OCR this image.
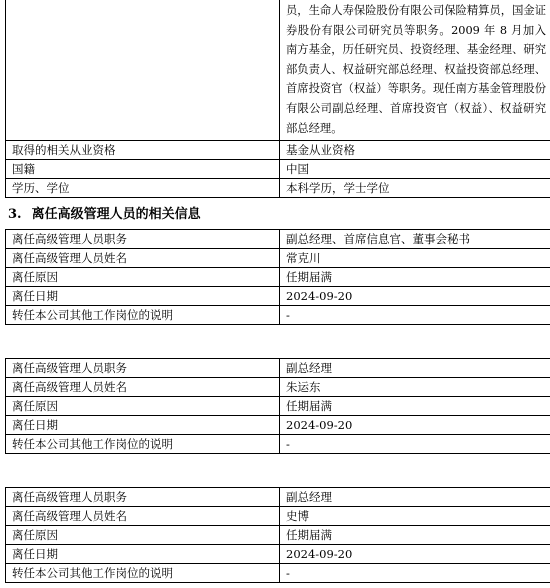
	员，生命人寿保险股份有限公司保险精算员，国金证券股份有限公司研究员等职务。2009 年 8 月加入南方基金，历任研究员、投资经理、基金经理、研究部负责人、权益研究部总经理、权益投资部总经理、首席投资官（权益）等职务。现任南方基金管理股份有限公司副总经理、首席投资官（权益）、权益研究部总经理。
取得的相关从业资格	基金从业资格
国籍	中国
学历、学位	本科学历，学士学位
3. 离任高级管理人员的相关信息
离任高级管理人员职务	副总经理、首席信息官、董事会秘书
离任高级管理人员姓名	常克川
离任原因	任期届满
离任日期	2024-09-20
转任本公司其他工作岗位的说明	-
离任高级管理人员职务	副总经理
离任高级管理人员姓名	朱运东
离任原因	任期届满
离任日期	2024-09-20
转任本公司其他工作岗位的说明	-
离任高级管理人员职务	副总经理
离任高级管理人员姓名	史博
离任原因	任期届满
离任日期	2024-09-20
转任本公司其他工作岗位的说明	-
